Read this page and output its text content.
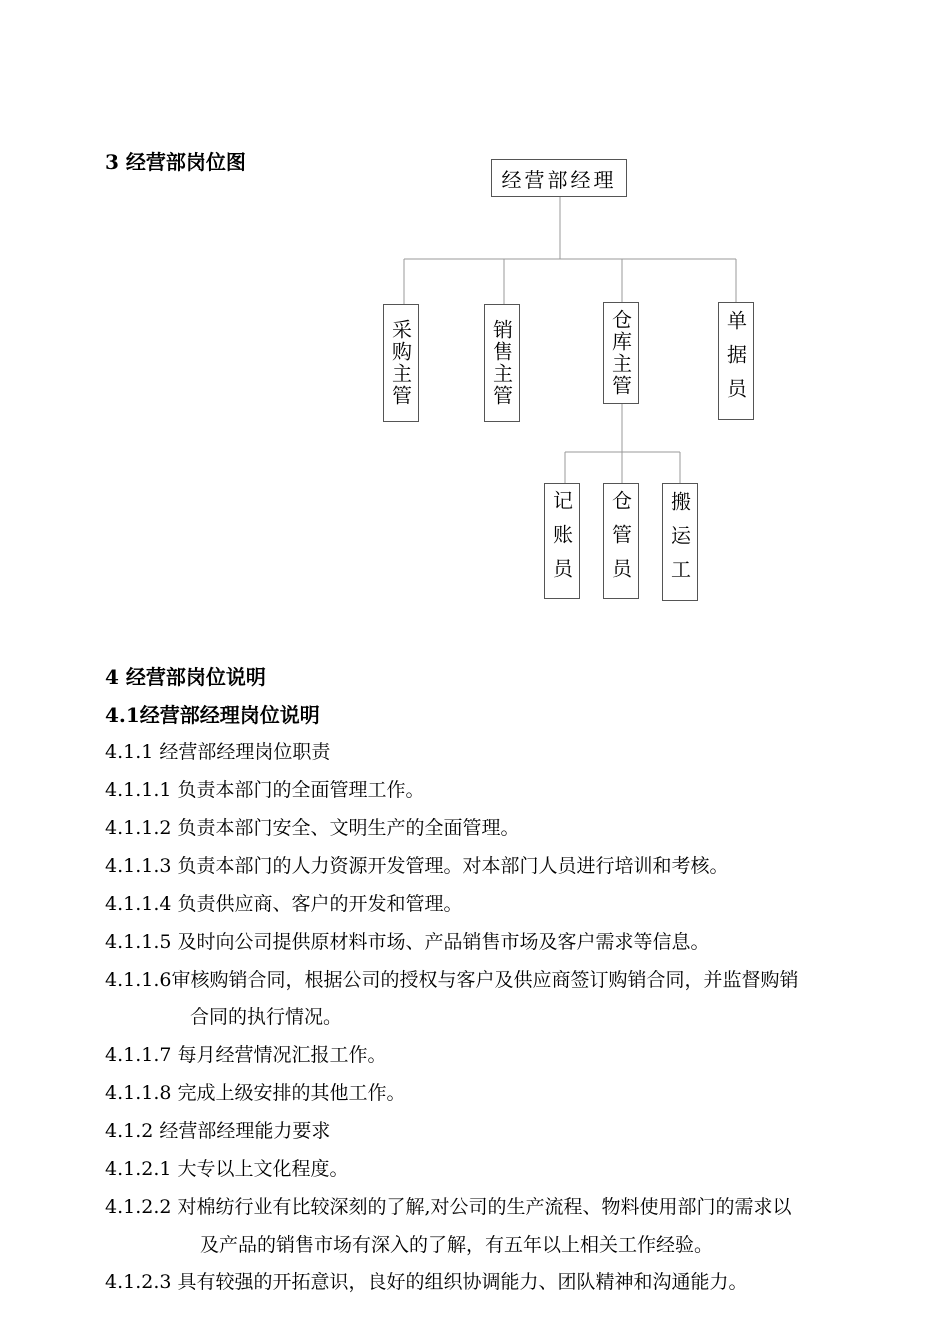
3 经营部岗位图
经营部经理
采购主管	销售主管	仓库主管	单据员
记账员 仓管员 搬运工
4 经营部岗位说明
4.1经营部经理岗位说明
4.1.1 经营部经理岗位职责
4.1.1.1 负责本部门的全面管理工作。
4.1.1.2 负责本部门安全、文明生产的全面管理。
4.1.1.3 负责本部门的人力资源开发管理。对本部门人员进行培训和考核。
4.1.1.4 负责供应商、客户的开发和管理。
4.1.1.5 及时向公司提供原材料市场、产品销售市场及客户需求等信息。
4.1.1.6审核购销合同，根据公司的授权与客户及供应商签订购销合同，并监督购销
合同的执行情况。
4.1.1.7 每月经营情况汇报工作。
4.1.1.8 完成上级安排的其他工作。
4.1.2 经营部经理能力要求
4.1.2.1 大专以上文化程度。
4.1.2.2 对棉纺行业有比较深刻的了解,对公司的生产流程、物料使用部门的需求以
及产品的销售市场有深入的了解，有五年以上相关工作经验。
4.1.2.3 具有较强的开拓意识，良好的组织协调能力、团队精神和沟通能力。
